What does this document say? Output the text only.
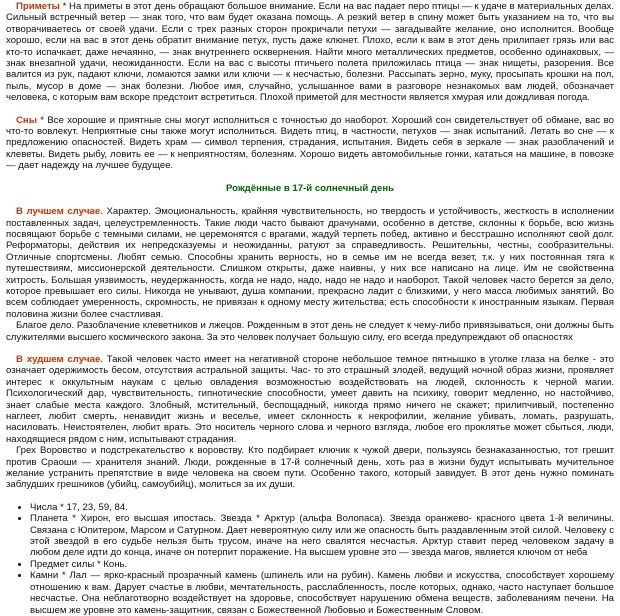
Приметы * На приметы в этот день обращают большое внимание. Если на вас падает перо птицы — к удаче в материальных делах. Сильный встречный ветер — знак того, что вам будет оказана помощь. А резкий ветер в спину может быть указанием на то, что вы отворачиваетесь от своей удачи. Если с трех разных сторон прокричали петухи — загадывайте желание, оно исполнится. Вообще хорошо, если на вас в этот день обратит внимание петух, пусть даже клюнет. Плохо, если к вам в этот день прилипает грязь или вас кто-то испачкает, даже нечаянно, — знак внутреннего осквернения. Найти много металлических предметов, особенно одинаковых, — знак внезапной удачи, неожиданности. Если на вас с высоты птичьего полета приложилась птица — знак нищеты, разорения. Все валится из рук, падают ключи, ломаются замки или ключи — к несчастью, болезни. Рассыпать зерно, муку, просыпать крошки на пол, пыль, мусор в доме — знак болезни. Любое имя, случайно, услышанное вами в разговоре незнакомых вам людей, обозначает человека, с которым вам вскоре предстоит встретиться. Плохой приметой для местности является хмурая или дождливая погода.

Сны * Все хорошие и приятные сны могут исполниться с точностью до наоборот. Хороший сон свидетельствует об обмане, вас во что-то вовлекут. Неприятные сны также могут исполниться. Видеть птиц, в частности, петухов — знак испытаний. Летать во сне — к предложению опасностей. Видеть храм — символ терпения, страдания, испытания. Видеть себя в зеркале — знак разоблачений и клеветы. Видеть рыбу, ловить ее — к неприятностям, болезням. Хорошо видеть автомобильные гонки, кататься на машине, в повозке — дает надежду на лучшее будущее.

Рождённые в 17-й солнечный день

В лучшем случае. Характер. Эмоциональность, крайняя чувствительность, но твердость и устойчивость, жесткость в исполнении поставленных задач, целеустремленность. Такие люди часто бывают драчунами, особенно в детстве, склонны к борьбе, всю жизнь посвящают борьбе с темными силами, не церемонятся с врагами, жадуй терпеть побед, активно и бесстрашно исполняют свой долг. Реформаторы, действия их непредсказуемы и неожиданны, ратуют за справедливость. Решительны, честны, сообразительны. Отличные спортсмены. Любят семью. Способны хранить верность, но в семье им не всегда везет, т.к. у них постоянная тяга к путешествиям, миссионерской деятельности. Слишком открыты, даже наивны, у них все написано на лице. Им не свойственна хитрость. Большая уязвимость, неудержанность, когда не надо, надо, надо не надо и наоборот. Такой человек часто берется за дело, которое превышает его силы. Никогда не унывают, душа компании, прекрасно ладит с близкими, у него масса любимых занятий. Во всем соблюдает умеренность, скромность, не привязан к одному месту жительства; есть способности к иностранным языкам. Первая половина жизни более счастливая.

Благое дело. Разоблачение клеветников и лжецов. Рожденным в этот день не следует к чему-либо привязываться, они должны быть служителями высшего космического закона. За это человек получает большую силу, его всегда предупреждают об опасностях

В худшем случае. Такой человек часто имеет на негативной стороне небольшое темное пятнышко в уголке глаза на белке - это означает одержимость бесом, отсутствия астральной защиты. Час- то это страшный злодей, ведущий ночной образ жизни, проявляет интерес к оккультным наукам с целью овладения возможностью воздействовать на людей, склонность к черной магии. Психологический дар, чувствительность, гипнотические способности, умеет давить на психику, говорит медленно, но настойчиво, знает слабые места каждого. Злобный, мстительный, беспощадный, никогда прямо ничего не скажет; прилипчивый, постепенно наглеет, любит смерть, ненавидит жизнь и веселье, имеет склонность к некрофилии, желание убивать, ломать, разрушать, насиловать. Неистоятелен, любит врать. Это носитель черного слова и черного взгляда, любое его проклятье может сбыться, люди, находящиеся рядом с ним, испытывают страдания.

Грех Воровство и подстрекательство к воровству. Кто подбирает ключик к чужой двери, пользуясь безнаказанностью, тот грешит против Сраоши — хранителя знаний. Люди, рожденные в 17-й солнечный день, хоть раз в жизни будут испытывать мучительное желание устранить препятствие в виде человека на своем пути. Особенно такого, который завидует. В этот день нужно поминать заблудших грешников (убийц, самоубийц), молиться за их души.

• Числа * 17, 23, 59, 84.
• Планета * Хирон, его высшая ипостась. Звезда * Арктур (альфа Волопаса). Звезда оранжево- красного цвета 1-й величины. Связана с Юпитером, Марсом и Сатурном. Дает невероятную силу или же опасность быть раздавленным этой силой. Человеку с этой звездой в его судьбе нельзя быть трусом, иначе на него свалятся несчастья. Арктур ставит перед человеком задачу в любом деле идти до конца, иначе он потерпит поражение. На высшем уровне это — звезда магов, является ключом от неба
• Предмет силы * Конь.
• Камни * Лал — ярко-красный прозрачный камень (шпинель или на рубин). Камень любви и искусства, способствует хорошему отношению к вам. Дарует счастье в любви, мечтательность, расслабленность, после которых, однако, часто наступает большое несчастье. Она неблаготворно воздействует на здоровье, способствует нарушению обмена веществ, заболеваниям печени. На высшем же уровне это камень-защитник, связан с Божественной Любовью и Божественным Словом.
